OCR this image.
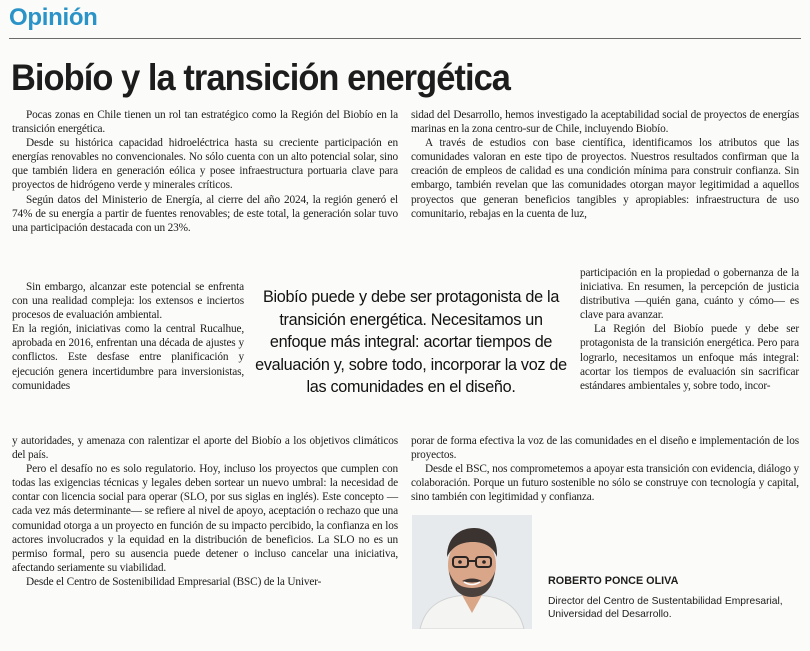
Opinión
Biobío y la transición energética

Pocas zonas en Chile tienen un rol tan estratégico como la Región del Biobío en la transición energética.

Desde su histórica capacidad hidroeléctrica hasta su creciente participación en energías renovables no convencionales. No sólo cuenta con un alto potencial solar, sino que también lidera en generación eólica y posee infraestructura portuaria clave para proyectos de hidrógeno verde y minerales críticos.

Según datos del Ministerio de Energía, al cierre del año 2024, la región generó el 74% de su energía a partir de fuentes renovables; de este total, la generación solar tuvo una participación destacada con un 23%.

Sin embargo, alcanzar este potencial se enfrenta con una realidad compleja: los extensos e inciertos procesos de evaluación ambiental.

En la región, iniciativas como la central Rucalhue, aprobada en 2016, enfrentan una década de ajustes y conflictos. Este desfase entre planificación y ejecución genera incertidumbre para inversionistas, comunidades

Biobío puede y debe ser protagonista de la transición energética. Necesitamos un enfoque más integral: acortar tiempos de evaluación y, sobre todo, incorporar la voz de las comunidades en el diseño.

y autoridades, y amenaza con ralentizar el aporte del Biobío a los objetivos climáticos del país.

Pero el desafío no es solo regulatorio. Hoy, incluso los proyectos que cumplen con todas las exigencias técnicas y legales deben sortear un nuevo umbral: la necesidad de contar con licencia social para operar (SLO, por sus siglas en inglés). Este concepto —cada vez más determinante— se refiere al nivel de apoyo, aceptación o rechazo que una comunidad otorga a un proyecto en función de su impacto percibido, la confianza en los actores involucrados y la equidad en la distribución de beneficios. La SLO no es un permiso formal, pero su ausencia puede detener o incluso cancelar una iniciativa, afectando seriamente su viabilidad.

Desde el Centro de Sostenibilidad Empresarial (BSC) de la Univer-

sidad del Desarrollo, hemos investigado la aceptabilidad social de proyectos de energías marinas en la zona centro-sur de Chile, incluyendo Biobío.

A través de estudios con base científica, identificamos los atributos que las comunidades valoran en este tipo de proyectos. Nuestros resultados confirman que la creación de empleos de calidad es una condición mínima para construir confianza. Sin embargo, también revelan que las comunidades otorgan mayor legitimidad a aquellos proyectos que generan beneficios tangibles y apropiables: infraestructura de uso comunitario, rebajas en la cuenta de luz,

participación en la propiedad o gobernanza de la iniciativa. En resumen, la percepción de justicia distributiva —quién gana, cuánto y cómo— es clave para avanzar.

La Región del Biobío puede y debe ser protagonista de la transición energética. Pero para lograrlo, necesitamos un enfoque más integral: acortar los tiempos de evaluación sin sacrificar estándares ambientales y, sobre todo, incor-

porar de forma efectiva la voz de las comunidades en el diseño e implementación de los proyectos.

Desde el BSC, nos comprometemos a apoyar esta transición con evidencia, diálogo y colaboración. Porque un futuro sostenible no sólo se construye con tecnología y capital, sino también con legitimidad y confianza.

ROBERTO PONCE OLIVA
Director del Centro de Sustentabilidad Empresarial, Universidad del Desarrollo.
